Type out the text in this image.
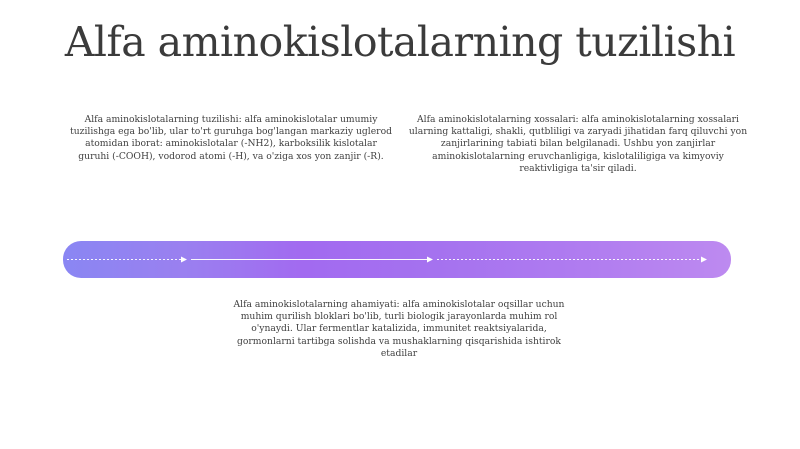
Alfa aminokislotalarning tuzilishi
Alfa aminokislotalarning tuzilishi: alfa aminokislotalar umumiy tuzilishga ega bo'lib, ular to'rt guruhga bog'langan markaziy uglerod atomidan iborat: aminokislotalar (-NH2), karboksilik kislotalar guruhi (-COOH), vodorod atomi (-H), va o'ziga xos yon zanjir (-R).
Alfa aminokislotalarning xossalari: alfa aminokislotalarning xossalari ularning kattaligi, shakli, qutbliligi va zaryadi jihatidan farq qiluvchi yon zanjirlarining tabiati bilan belgilanadi. Ushbu yon zanjirlar aminokislotalarning eruvchanligiga, kislotaliligiga va kimyoviy reaktivligiga ta'sir qiladi.
Alfa aminokislotalarning ahamiyati: alfa aminokislotalar oqsillar uchun muhim qurilish bloklari bo'lib, turli biologik jarayonlarda muhim rol o'ynaydi. Ular fermentlar katalizida, immunitet reaktsiyalarida, gormonlarni tartibga solishda va mushaklarning qisqarishida ishtirok etadilar
